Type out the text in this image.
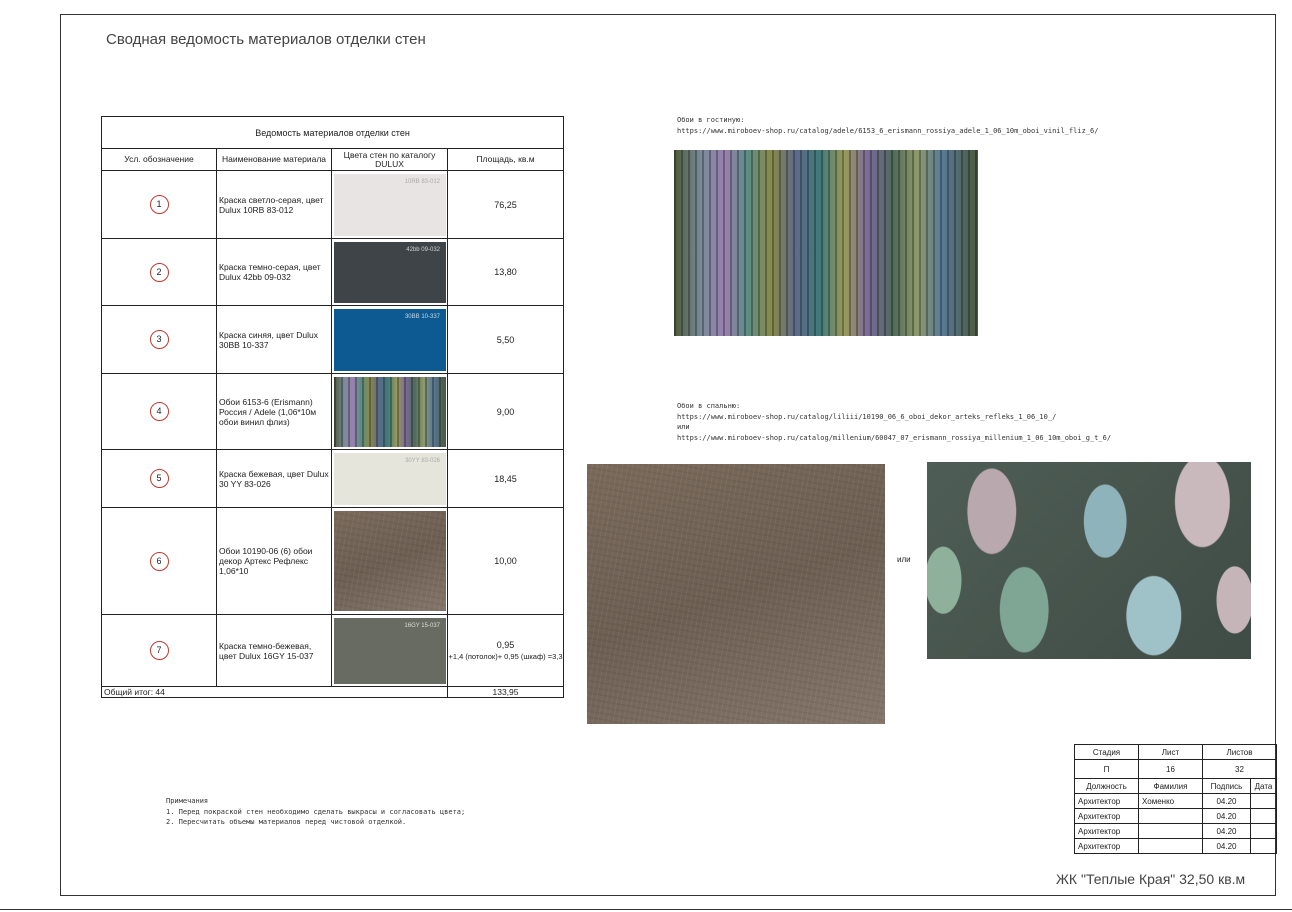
Сводная ведомость материалов отделки стен
Ведомость материалов отделки стен			
Усл. обозначение	Наименование материала	Цвета стен по каталогу DULUX	Площадь, кв.м
1	Краска светло-серая, цвет Dulux 10RB 83-012	10RB 83-012	76,25
2	Краска темно-серая, цвет Dulux 42bb 09-032	42bb 09-032	13,80
3	Краска синяя, цвет Dulux 30BB 10-337	30BB 10-337	5,50
4	Обои 6153-6 (Erismann) Россия / Adele (1,06*10м обои винил флиз)		9,00
5	Краска бежевая, цвет Dulux 30 YY 83-026	30YY 83-026	18,45
6	Обои 10190-06 (6) обои декор Артекс Рефлекс 1,06*10		10,00
7	Краска темно-бежевая, цвет Dulux 16GY 15-037	16GY 15-037	0,95
+1,4 (потолок)+ 0,95 (шкаф) =3,3

Общий итог: 44			133,95
Обои в гостиную:
https://www.miroboev-shop.ru/catalog/adele/6153_6_erismann_rossiya_adele_1_06_10m_oboi_vinil_fliz_6/
Обои в спальню:
https://www.miroboev-shop.ru/catalog/liliii/10190_06_6_oboi_dekor_arteks_refleks_1_06_10_/
или
https://www.miroboev-shop.ru/catalog/millenium/60047_07_erismann_rossiya_millenium_1_06_10m_oboi_g_t_6/
или
Примечания
1. Перед покраской стен необходимо сделать выкрасы и согласовать цвета;
2. Пересчитать объемы материалов перед чистовой отделкой.
Стадия	Лист	Листов	
П	16	32	
Должность	Фамилия	Подпись	Дата
Архитектор	Хоменко	04.20	
Архитектор		04.20	
Архитектор		04.20	
Архитектор		04.20	
ЖК "Теплые Края" 32,50 кв.м
